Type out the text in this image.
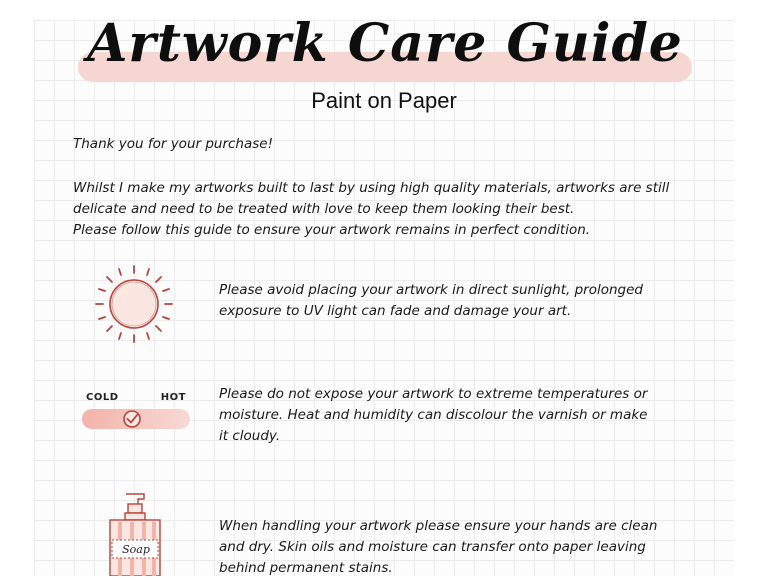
Artwork Care Guide
Paint on Paper
Thank you for your purchase!

Whilst I make my artworks built to last by using high quality materials, artworks are still

delicate and need to be treated with love to keep them looking their best.

Please follow this guide to ensure your artwork remains in perfect condition.

Please avoid placing your artwork in direct sunlight, prolonged

exposure to UV light can fade and damage your art.

COLD	HOT Please do not expose your artwork to extreme temperatures or

moisture. Heat and humidity can discolour the varnish or make

it cloudy.

Soap

When handling your artwork please ensure your hands are clean

and dry. Skin oils and moisture can transfer onto paper leaving

behind permanent stains.
